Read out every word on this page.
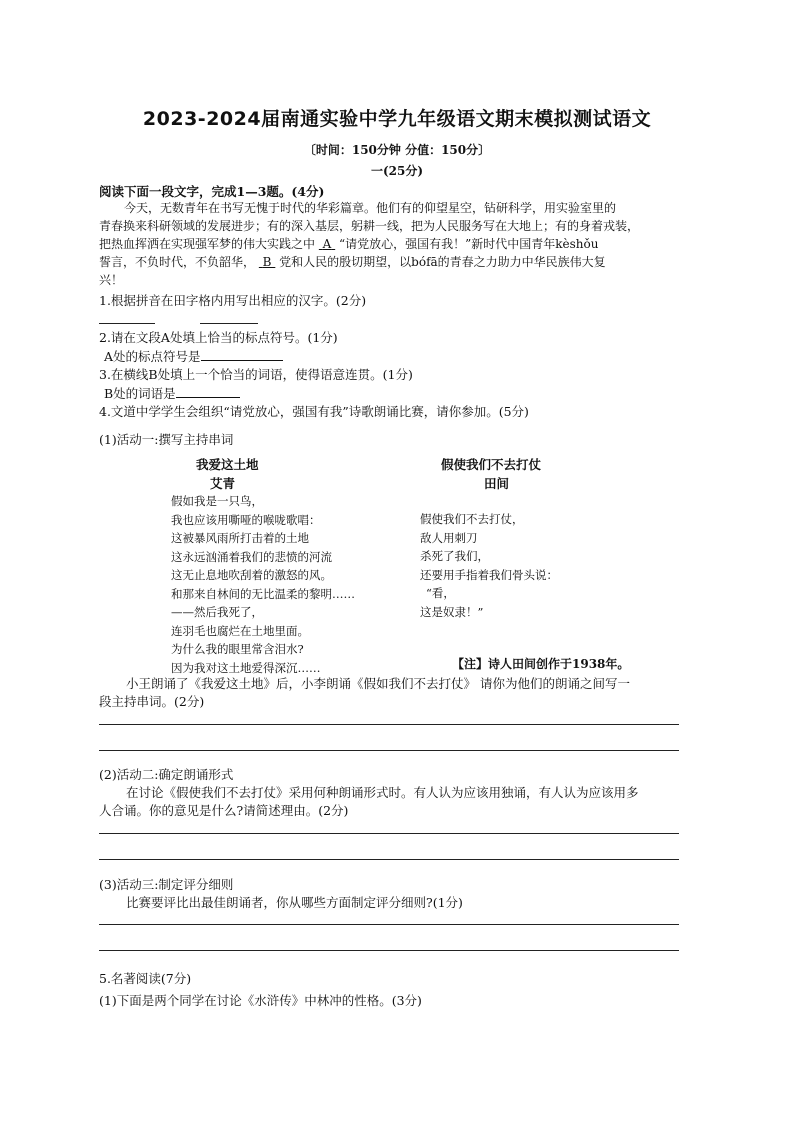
2023-2024届南通实验中学九年级语文期末模拟测试语文
〔时间：150分钟 分值：150分〕
一(25分)
阅读下面一段文字，完成1—3题。(4分)
今天，无数青年在书写无愧于时代的华彩篇章。他们有的仰望星空，钻研科学，用实验室里的
青春换来科研领域的发展进步；有的深入基层，躬耕一线，把为人民服务写在大地上；有的身着戎装，
把热血挥洒在实现强军梦的伟大实践之中 A “请党放心，强国有我！”新时代中国青年kèshǒu
誓言，不负时代，不负韶华， B 党和人民的殷切期望，以bófā的青春之力助力中华民族伟大复
兴！
1.根据拼音在田字格内用写出相应的汉字。(2分)
2.请在文段A处填上恰当的标点符号。(1分)
A处的标点符号是
3.在横线B处填上一个恰当的词语，使得语意连贯。(1分)
B处的词语是
4.文道中学学生会组织“请党放心，强国有我”诗歌朗诵比赛，请你参加。(5分)
(1)活动一:撰写主持串词
我爱这土地
艾青
假如我是一只鸟，
我也应该用嘶哑的喉咙歌唱：
这被暴风雨所打击着的土地
这永远汹涌着我们的悲愤的河流
这无止息地吹刮着的激怒的风。
和那来自林间的无比温柔的黎明……
——然后我死了，
连羽毛也腐烂在土地里面。
为什么我的眼里常含泪水?
因为我对这土地爱得深沉……
假使我们不去打仗
田间
假使我们不去打仗，
敌人用刺刀
杀死了我们，
还要用手指着我们骨头说：
“看，
这是奴隶！”
【注】诗人田间创作于1938年。
小王朗诵了《我爱这土地》后，小李朗诵《假如我们不去打仗》 请你为他们的朗诵之间写一
段主持串词。(2分)
(2)活动二:确定朗诵形式
在讨论《假使我们不去打仗》采用何种朗诵形式时。有人认为应该用独诵，有人认为应该用多
人合诵。你的意见是什么?请简述理由。(2分)
(3)活动三:制定评分细则
比赛要评比出最佳朗诵者，你从哪些方面制定评分细则?(1分)
5.名著阅读(7分)
(1)下面是两个同学在讨论《水浒传》中林冲的性格。(3分)
